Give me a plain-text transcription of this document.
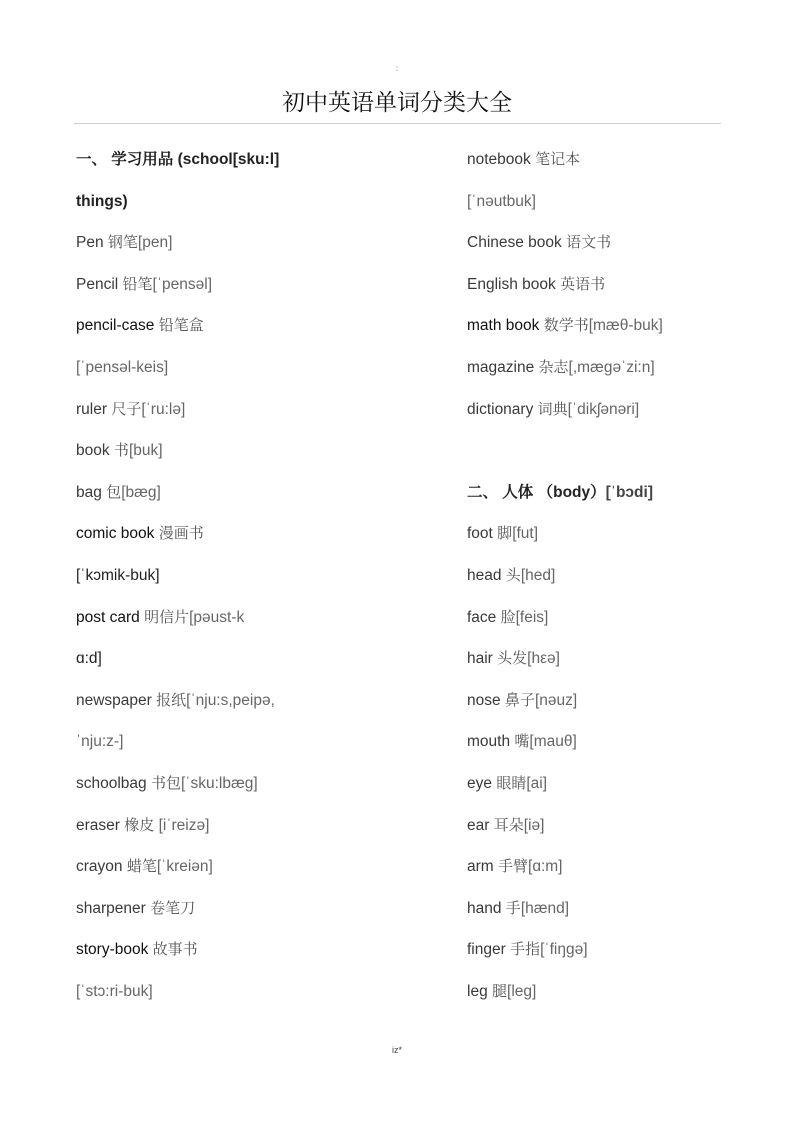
:
初中英语单词分类大全
一、 学习用品 (school[sku:l]
things)
Pen 钢笔[pen]
Pencil 铅笔[ˈpensəl]
pencil-case 铅笔盒
[ˈpensəl-keis]
ruler 尺子[ˈru:lə]
book 书[buk]
bag 包[bæg]
comic book 漫画书
[ˈkɔmik-buk]
post card 明信片[pəust-k
ɑ:d]
newspaper 报纸[ˈnju:s,peipə,
ˈnju:z-]
schoolbag 书包[ˈsku:lbæg]
eraser 橡皮 [iˈreizə]
crayon 蜡笔[ˈkreiən]
sharpener 卷笔刀
story-book 故事书
[ˈstɔ:ri-buk]
notebook 笔记本
[ˈnəutbuk]
Chinese book 语文书
English book 英语书
math book 数学书[mæθ-buk]
magazine 杂志[,mægəˈzi:n]
dictionary 词典[ˈdikʃənəri]
二、 人体 （body）[ˈbɔdi]
foot 脚[fut]
head 头[hed]
face 脸[feis]
hair 头发[hεə]
nose 鼻子[nəuz]
mouth 嘴[mauθ]
eye 眼睛[ai]
ear 耳朵[iə]
arm 手臂[ɑ:m]
hand 手[hænd]
finger 手指[ˈfiŋgə]
leg 腿[leg]
iz*
